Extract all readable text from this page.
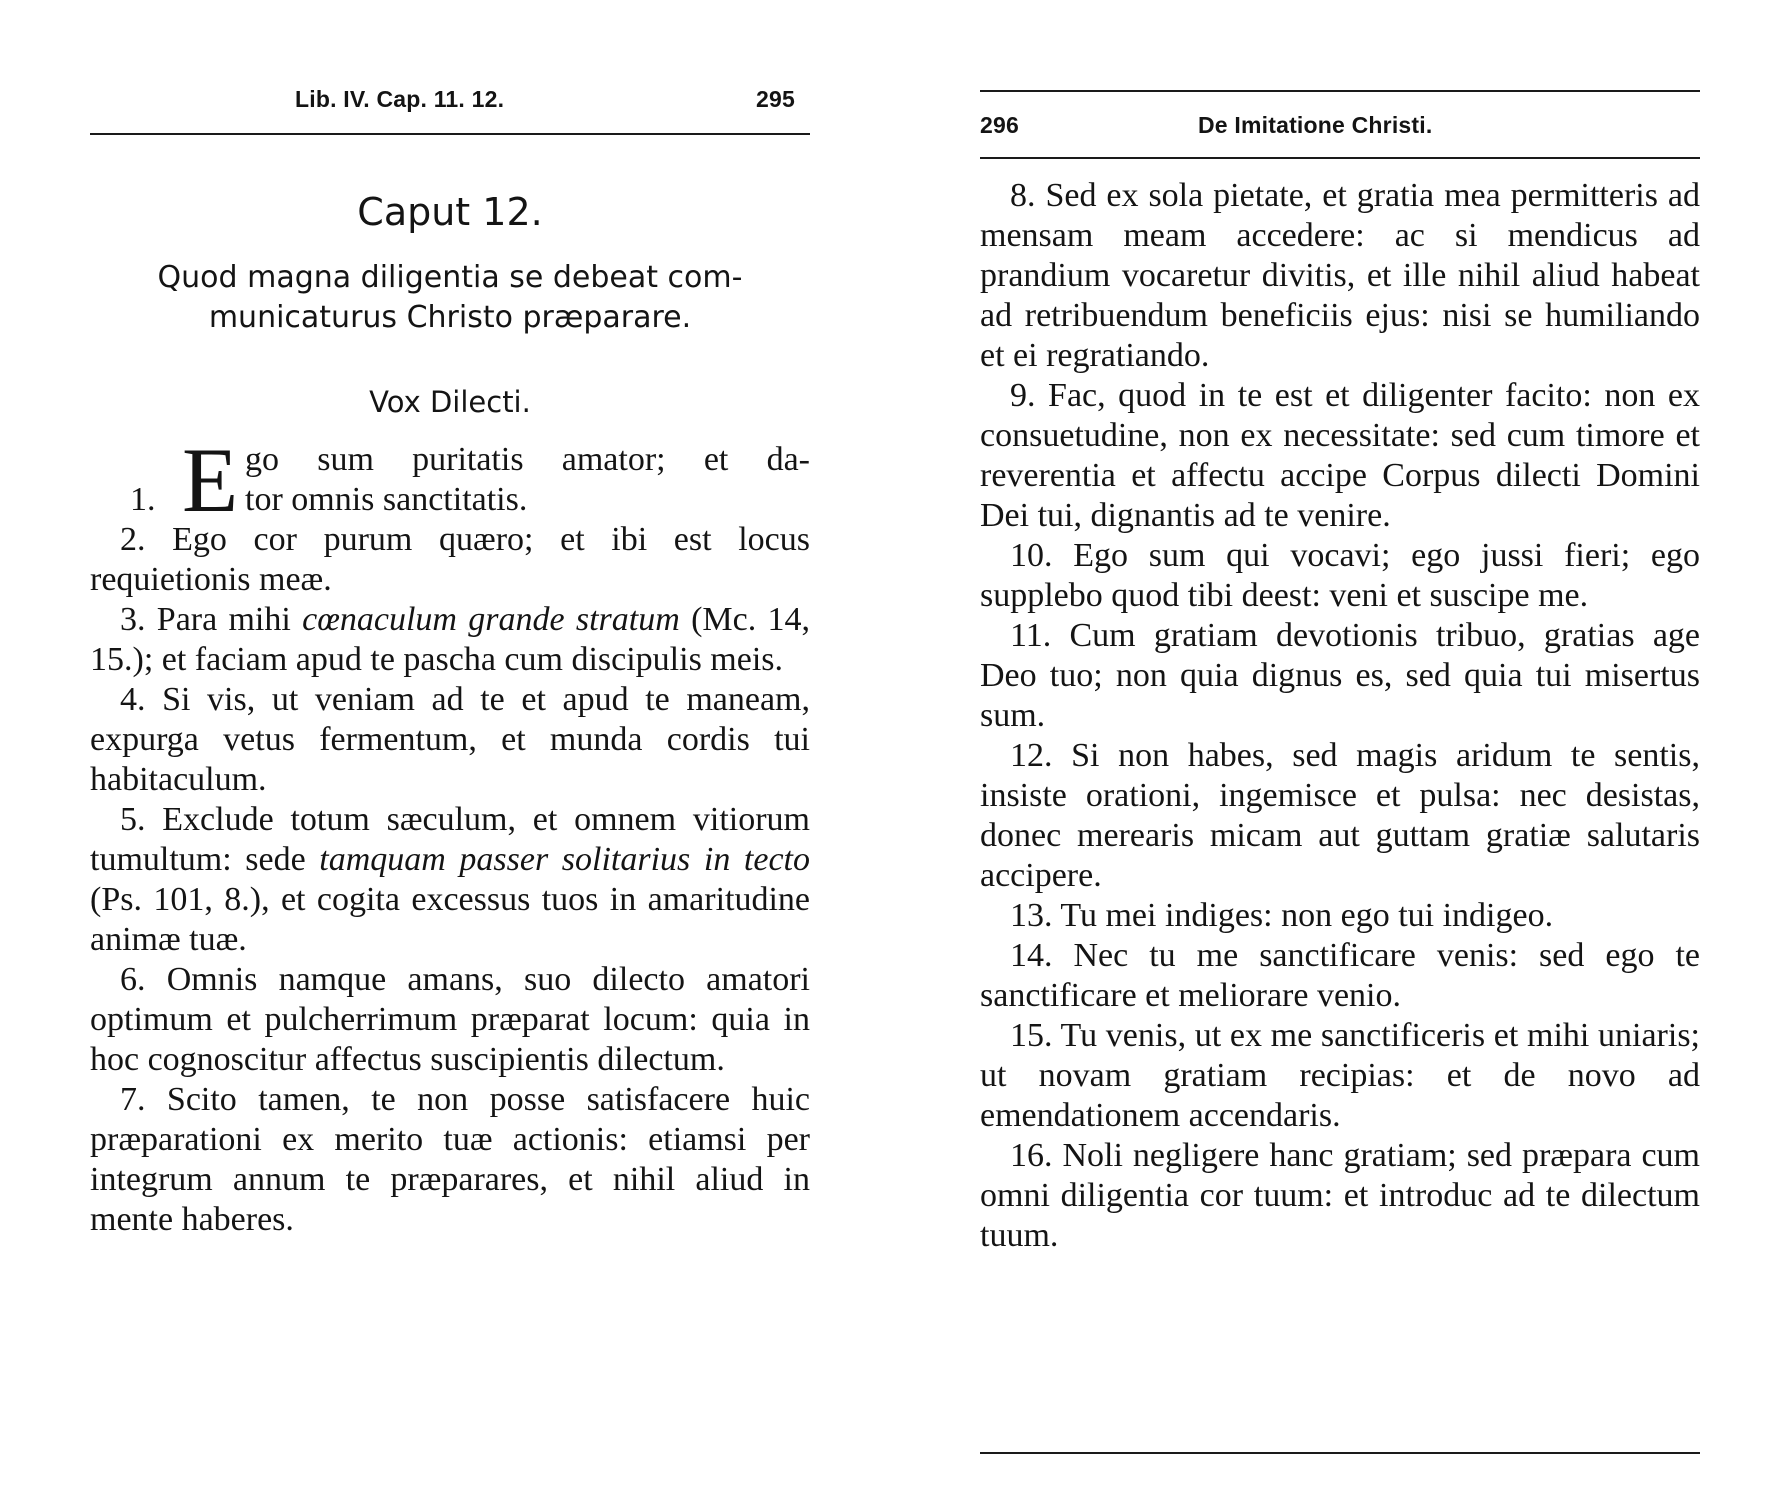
Lib. IV. Cap. 11. 12.	295
Caput 12.
Quod magna diligentia se debeat com-
municaturus Christo præparare.
Vox Dilecti.
1. E go sum puritatis amator; et da-
tor omnis sanctitatis.

2. Ego cor purum quæro; et ibi est locus requietionis meæ.

3. Para mihi cœnaculum grande stratum (Mc. 14, 15.); et faciam apud te pascha cum discipulis meis.

4. Si vis, ut veniam ad te et apud te maneam, expurga vetus fermentum, et munda cordis tui habitaculum.

5. Exclude totum sæculum, et omnem vitiorum tumultum: sede tamquam passer solitarius in tecto (Ps. 101, 8.), et cogita excessus tuos in amaritudine animæ tuæ.

6. Omnis namque amans, suo dilecto amatori optimum et pulcherrimum præparat locum: quia in hoc cognoscitur affectus suscipientis dilectum.

7. Scito tamen, te non posse satisfacere huic præparationi ex merito tuæ actionis: etiamsi per integrum annum te præparares, et nihil aliud in mente haberes.

296	De Imitatione Christi.

8. Sed ex sola pietate, et gratia mea permitteris ad mensam meam accedere: ac si mendicus ad prandium vocaretur divitis, et ille nihil aliud habeat ad retribuendum beneficiis ejus: nisi se humiliando et ei regratiando.

9. Fac, quod in te est et diligenter facito: non ex consuetudine, non ex necessitate: sed cum timore et reverentia et affectu accipe Corpus dilecti Domini Dei tui, dignantis ad te venire.

10. Ego sum qui vocavi; ego jussi fieri; ego supplebo quod tibi deest: veni et suscipe me.

11. Cum gratiam devotionis tribuo, gratias age Deo tuo; non quia dignus es, sed quia tui misertus sum.

12. Si non habes, sed magis aridum te sentis, insiste orationi, ingemisce et pulsa: nec desistas, donec merearis micam aut guttam gratiæ salutaris accipere.

13. Tu mei indiges: non ego tui indigeo.

14. Nec tu me sanctificare venis: sed ego te sanctificare et meliorare venio.

15. Tu venis, ut ex me sanctificeris et mihi uniaris; ut novam gratiam recipias: et de novo ad emendationem accendaris.

16. Noli negligere hanc gratiam; sed præpara cum omni diligentia cor tuum: et introduc ad te dilectum tuum.
